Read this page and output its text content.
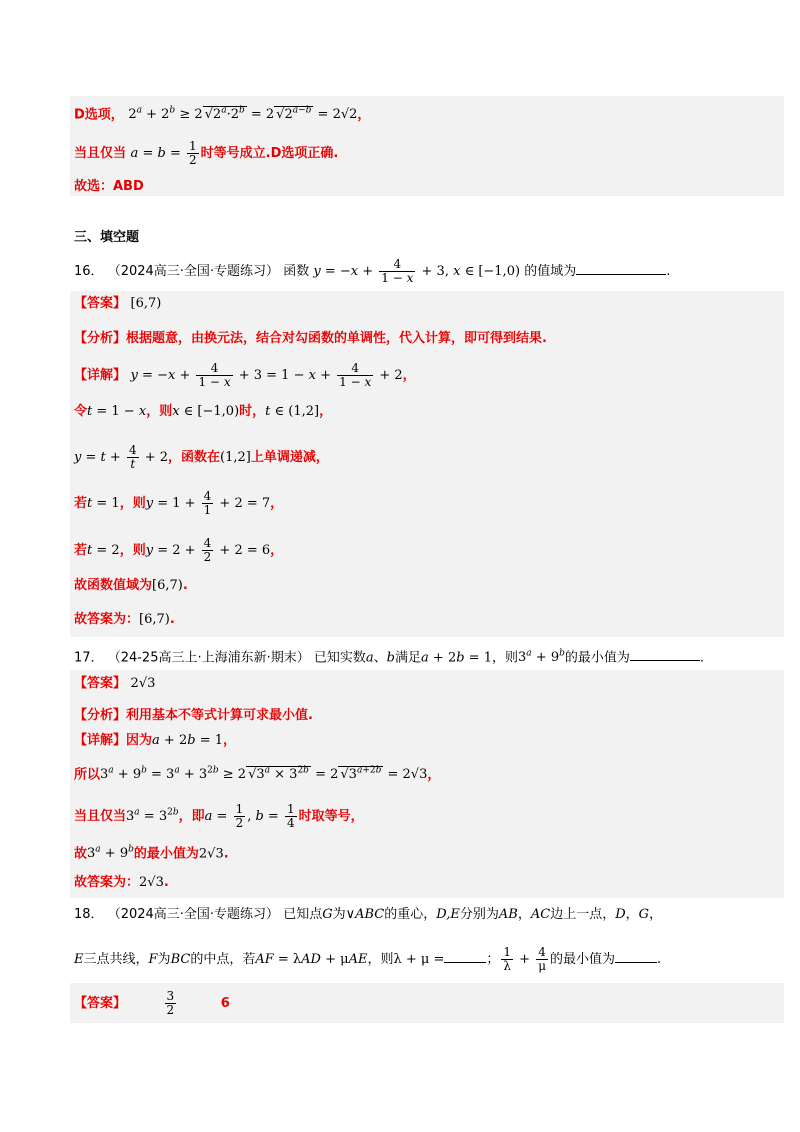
D选项， $2^a + 2^b \ge 2$ $√2^a\cdot 2^b = 2$ $√2^{a-b} = 2√2$，
当且仅当 $a = b = \frac{1}{2}$ 时等号成立.D选项正确.
故选：ABD
三、填空题
16． （2024高三·全国·专题练习） 函数 $y = -x + \frac{4}{1 - x} + 3$, x ∈ [−1,0) 的值域为	.
【答案】 [6,7)
【分析】根据题意，由换元法，结合对勾函数的单调性，代入计算，即可得到结果.
【详解】 $y = -x + \frac{4}{1 - x} + 3 = 1 - x + \frac{4}{1 - x} + 2$，
令t = 1 − x，则x ∈ [−1,0)时，t ∈ (1,2]，
$y = t + \frac{4}{t} + 2$，函数在(1,2]上单调递减，
若t = 1，则$y = 1 + \frac{4}{1} + 2 = 7$，
若t = 2，则$y = 2 + \frac{4}{2} + 2 = 6$，
故函数值域为[6,7).
故答案为：[6,7).
17． （24-25高三上·上海浦东新·期末） 已知实数a、b满足a + 2b = 1，则$3^a + 9^b$的最小值为	.
【答案】 2√3
【分析】利用基本不等式计算可求最小值.
【详解】因为a + 2b = 1，
所以$3^a + 9^b = 3^a + 3^{2b} \ge 2$ $√3^a \times 3^{2b} = 2$ $√3^{a+2b} = 2√3$，
当且仅当$3^a = 3^{2b}$，即$a = \frac{1}{2}$ , $b = \frac{1}{4}$ 时取等号，
故$3^a + 9^b$的最小值为2√3.
故答案为：2√3.
18． （2024高三·全国·专题练习） 已知点G为∨ABC的重心，D,E分别为AB，AC边上一点，D，G，
E三点共线，F为BC的中点，若AF = λAD + μAE，则λ + μ =	； $\frac{1}{\lambda} + \frac{4}{\mu}$ 的最小值为	.
【答案】	$\frac{3}{2}$	6
